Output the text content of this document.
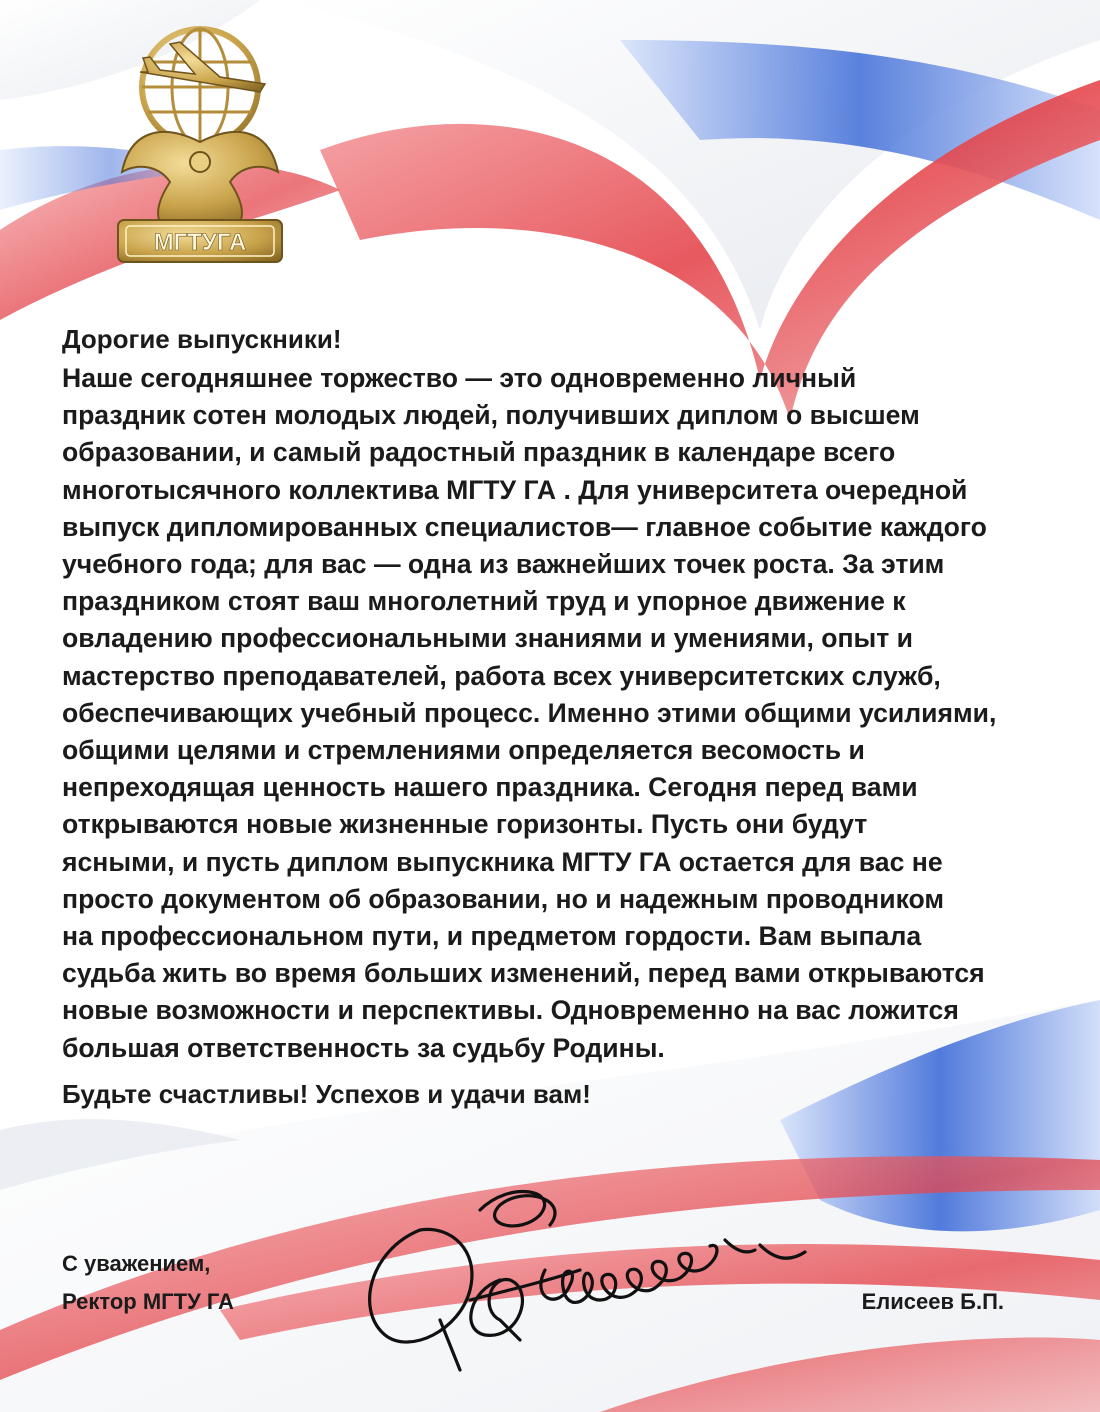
МГТУГА

Дорогие выпускники!

Наше сегодняшнее торжество — это одновременно личный
праздник сотен молодых людей, получивших диплом о высшем
образовании, и самый радостный праздник в календаре всего
многотысячного коллектива МГТУ ГА . Для университета очередной
выпуск дипломированных специалистов— главное событие каждого
учебного года; для вас — одна из важнейших точек роста. За этим
праздником стоят ваш многолетний труд и упорное движение к
овладению профессиональными знаниями и умениями, опыт и
мастерство преподавателей, работа всех университетских служб,
обеспечивающих учебный процесс. Именно этими общими усилиями,
общими целями и стремлениями определяется весомость и
непреходящая ценность нашего праздника. Сегодня перед вами
открываются новые жизненные горизонты. Пусть они будут
ясными, и пусть диплом выпускника МГТУ ГА остается для вас не
просто документом об образовании, но и надежным проводником
на профессиональном пути, и предметом гордости. Вам выпала
судьба жить во время больших изменений, перед вами открываются
новые возможности и перспективы. Одновременно на вас ложится
большая ответственность за судьбу Родины.

Будьте счастливы! Успехов и удачи вам!

С уважением,
Ректор МГТУ ГА	Елисеев Б.П.
